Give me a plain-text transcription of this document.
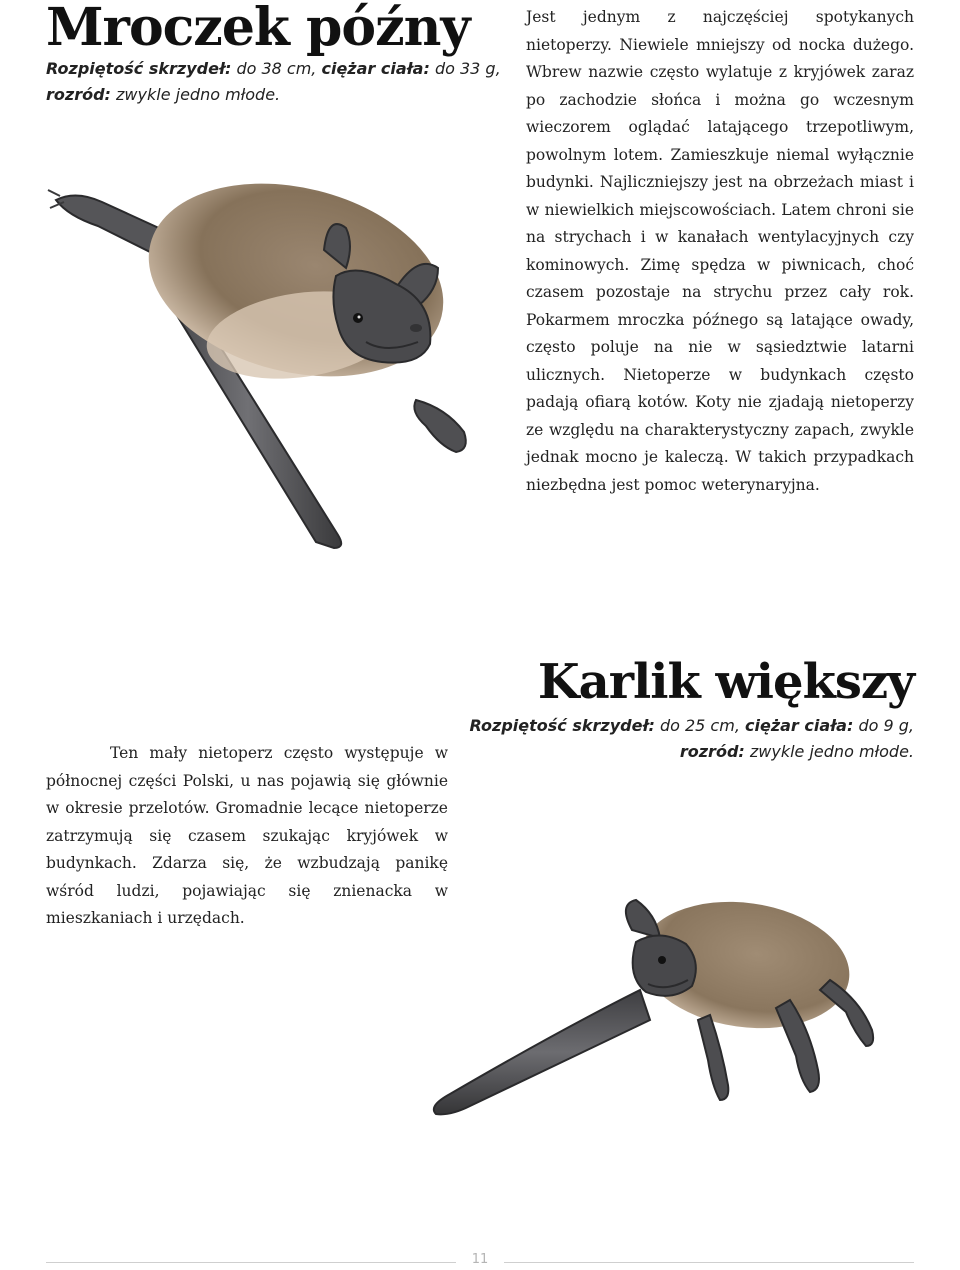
Mroczek późny

Rozpiętość skrzydeł: do 38 cm, ciężar ciała: do 33 g,
rozród: zwykle jedno młode.

Jest jednym z najczęściej spotykanych nietoperzy. Niewiele mniejszy od nocka dużego. Wbrew nazwie często wylatuje z kryjówek zaraz po zachodzie słońca i można go wczesnym wieczorem oglądać latającego trzepotliwym, powolnym lotem. Zamieszkuje niemal wyłącznie budynki. Najliczniejszy jest na obrzeżach miast i w niewielkich miejscowościach. Latem chroni sie na strychach i w kanałach wentylacyjnych czy kominowych. Zimę spędza w piwnicach, choć czasem pozostaje na strychu przez cały rok. Pokarmem mroczka późnego są latające owady, często poluje na nie w sąsiedztwie latarni ulicznych. Nietoperze w budynkach często padają ofiarą kotów. Koty nie zjadają nietoperzy ze względu na charakterystyczny zapach, zwykle jednak mocno je kaleczą. W takich przypadkach niezbędna jest pomoc weterynaryjna.

Karlik większy

Rozpiętość skrzydeł: do 25 cm, ciężar ciała: do 9 g,
rozród: zwykle jedno młode.

Ten mały nietoperz często występuje w północnej części Polski, u nas pojawią się głównie w okresie przelotów. Gromadnie lecące nietoperze zatrzymują się czasem szukając kryjówek w budynkach. Zdarza się, że wzbudzają panikę wśród ludzi, pojawiając się znienacka w mieszkaniach i urzędach.

11
